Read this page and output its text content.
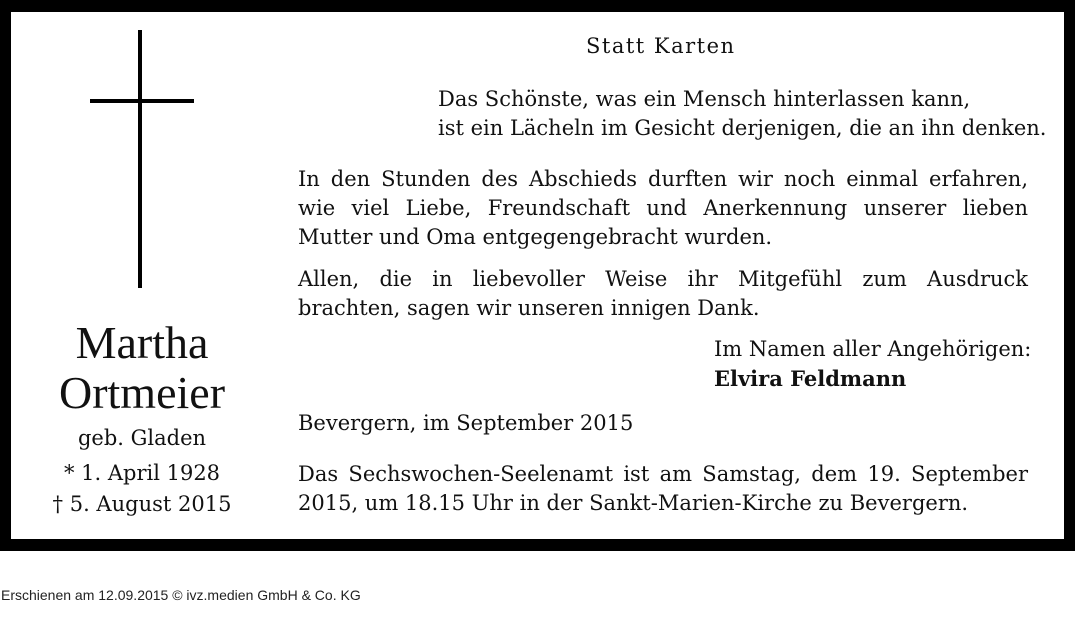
Martha
Ortmeier
geb. Gladen
* 1. April 1928
† 5. August 2015
Statt Karten
Das Schönste, was ein Mensch hinterlassen kann,
ist ein Lächeln im Gesicht derjenigen, die an ihn denken.
In den Stunden des Abschieds durften wir noch einmal erfahren, wie viel Liebe, Freundschaft und Anerkennung unserer lieben Mutter und Oma entgegengebracht wurden.
Allen, die in liebevoller Weise ihr Mitgefühl zum Ausdruck brachten, sagen wir unseren innigen Dank.
Im Namen aller Angehörigen:
Elvira Feldmann
Bevergern, im September 2015
Das Sechswochen-Seelenamt ist am Samstag, dem 19. September 2015, um 18.15 Uhr in der Sankt-Marien-Kirche zu Bevergern.
Erschienen am 12.09.2015 © ivz.medien GmbH & Co. KG
